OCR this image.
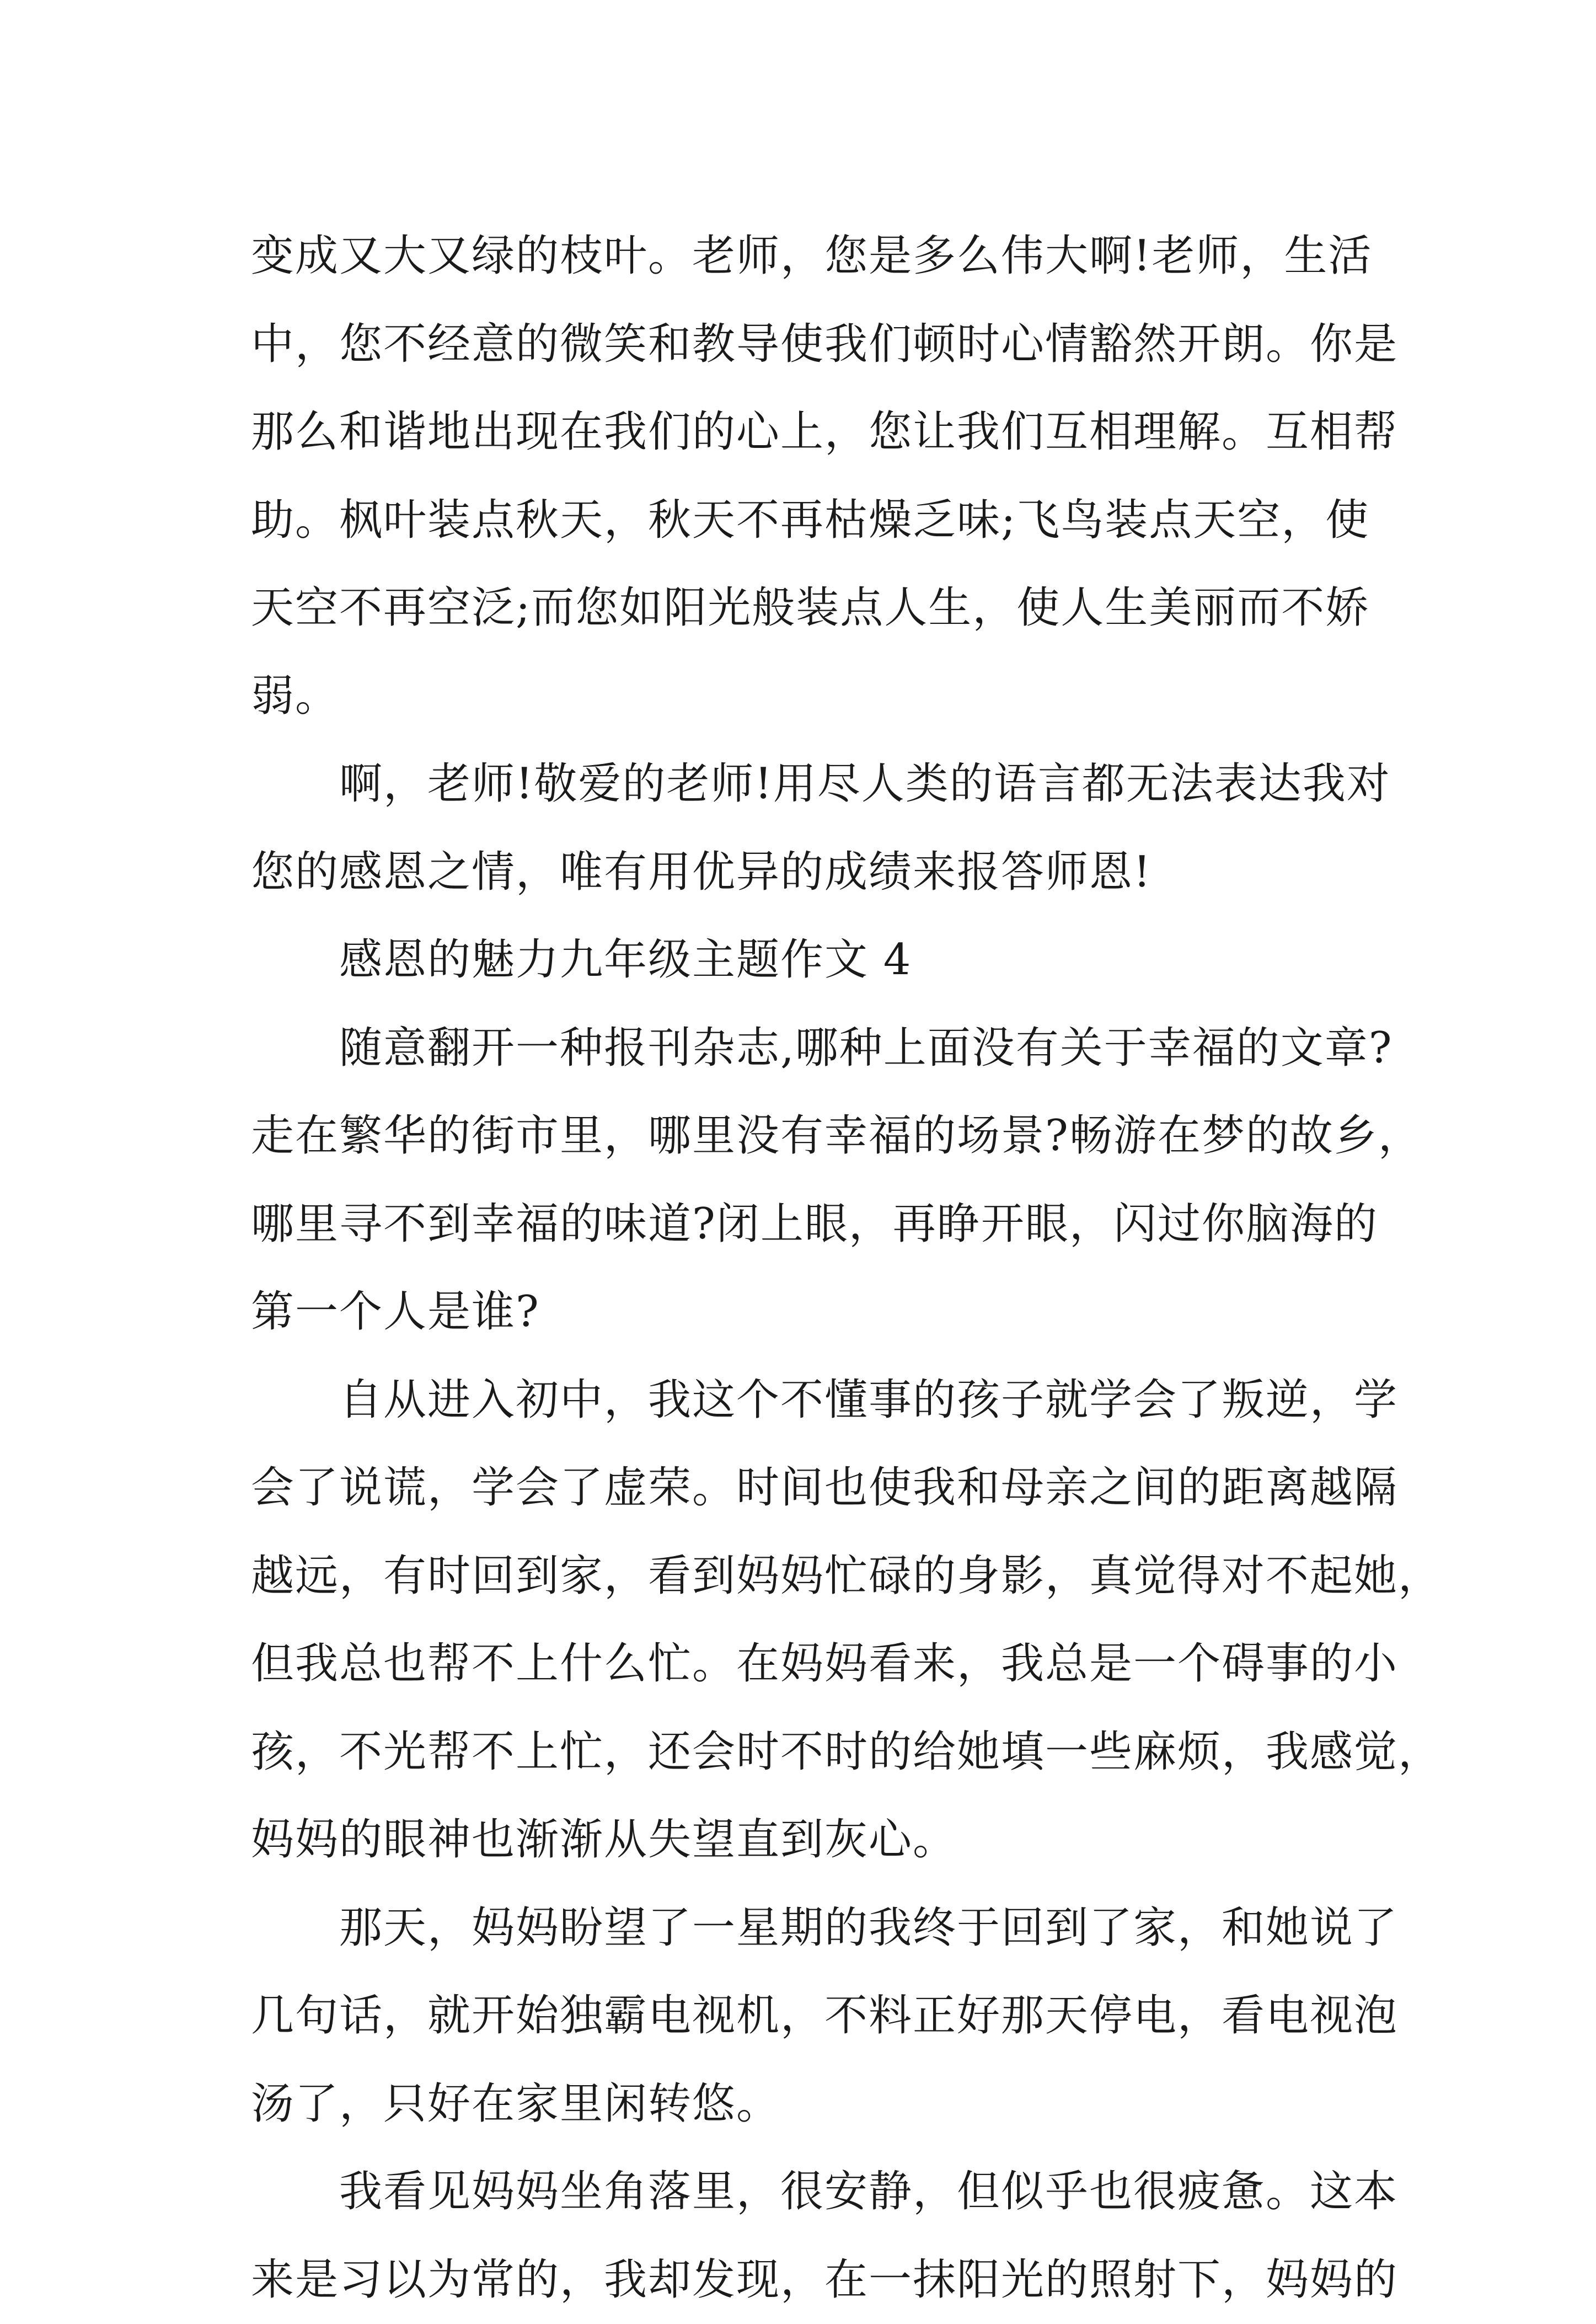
变成又大又绿的枝叶。老师，您是多么伟大啊!老师，生活
中，您不经意的微笑和教导使我们顿时心情豁然开朗。你是
那么和谐地出现在我们的心上，您让我们互相理解。互相帮
助。枫叶装点秋天，秋天不再枯燥乏味;飞鸟装点天空，使
天空不再空泛;而您如阳光般装点人生，使人生美丽而不娇
弱。
　　啊，老师!敬爱的老师!用尽人类的语言都无法表达我对
您的感恩之情，唯有用优异的成绩来报答师恩!
　　感恩的魅力九年级主题作文 4
　　随意翻开一种报刊杂志,哪种上面没有关于幸福的文章?
走在繁华的街市里，哪里没有幸福的场景?畅游在梦的故乡，
哪里寻不到幸福的味道?闭上眼，再睁开眼，闪过你脑海的
第一个人是谁?
　　自从进入初中，我这个不懂事的孩子就学会了叛逆，学
会了说谎，学会了虚荣。时间也使我和母亲之间的距离越隔
越远，有时回到家，看到妈妈忙碌的身影，真觉得对不起她，
但我总也帮不上什么忙。在妈妈看来，我总是一个碍事的小
孩，不光帮不上忙，还会时不时的给她填一些麻烦，我感觉，
妈妈的眼神也渐渐从失望直到灰心。
　　那天，妈妈盼望了一星期的我终于回到了家，和她说了
几句话，就开始独霸电视机，不料正好那天停电，看电视泡
汤了，只好在家里闲转悠。
　　我看见妈妈坐角落里，很安静，但似乎也很疲惫。这本
来是习以为常的，我却发现，在一抹阳光的照射下，妈妈的
